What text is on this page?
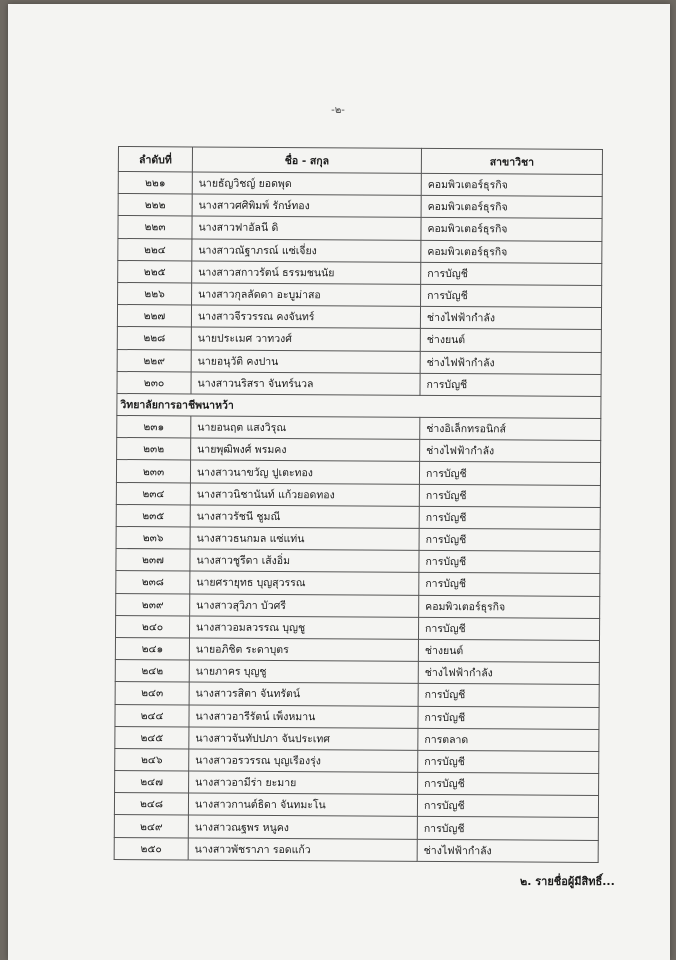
-๒-
ลำดับที่	ชื่อ - สกุล	สาขาวิชา
๒๒๑	นายธัญวิชญ์ ยอดพุด	คอมพิวเตอร์ธุรกิจ
๒๒๒	นางสาวศศิพิมพ์ รักษ์ทอง	คอมพิวเตอร์ธุรกิจ
๒๒๓	นางสาวฟาอัลนี ดิ	คอมพิวเตอร์ธุรกิจ
๒๒๔	นางสาวณัฐาภรณ์ แซ่เจี่ยง	คอมพิวเตอร์ธุรกิจ
๒๒๕	นางสาวสกาวรัตน์ ธรรมชนนัย	การบัญชี
๒๒๖	นางสาวกุลลัดดา อะบูม่าสอ	การบัญชี
๒๒๗	นางสาวจีรวรรณ คงจันทร์	ช่างไฟฟ้ากำลัง
๒๒๘	นายประเมศ วาทวงศ์	ช่างยนต์
๒๒๙	นายอนุวัติ คงปาน	ช่างไฟฟ้ากำลัง
๒๓๐	นางสาวนริสรา จันทร์นวล	การบัญชี
วิทยาลัยการอาชีพนาหว้า		
๒๓๑	นายอนฤต แสงวิรุณ	ช่างอิเล็กทรอนิกส์
๒๓๒	นายพุฒิพงศ์ พรมคง	ช่างไฟฟ้ากำลัง
๒๓๓	นางสาวนาขวัญ ปูเตะทอง	การบัญชี
๒๓๔	นางสาวนิชานันท์ แก้วยอดทอง	การบัญชี
๒๓๕	นางสาวรัชนี ชูมณี	การบัญชี
๒๓๖	นางสาวธนกมล แซ่แท่น	การบัญชี
๒๓๗	นางสาวชูรีดา เส้งอิ่ม	การบัญชี
๒๓๘	นายศรายุทธ บุญสุวรรณ	การบัญชี
๒๓๙	นางสาวสุวิภา บัวศรี	คอมพิวเตอร์ธุรกิจ
๒๔๐	นางสาวอมลวรรณ บุญชู	การบัญชี
๒๔๑	นายอภิชิต ระดาบุตร	ช่างยนต์
๒๔๒	นายภาคร บุญชู	ช่างไฟฟ้ากำลัง
๒๔๓	นางสาวรสิตา จันทรัตน์	การบัญชี
๒๔๔	นางสาวอารีรัตน์ เพ็งหมาน	การบัญชี
๒๔๕	นางสาวจันทัปปภา จันประเทศ	การตลาด
๒๔๖	นางสาวอรวรรณ บุญเรืองรุ่ง	การบัญชี
๒๔๗	นางสาวอามีร่า ยะมาย	การบัญชี
๒๔๘	นางสาวกานต์ธิดา จันทมะโน	การบัญชี
๒๔๙	นางสาวณฐพร หนูคง	การบัญชี
๒๕๐	นางสาวพัชราภา รอดแก้ว	ช่างไฟฟ้ากำลัง
๒. รายชื่อผู้มีสิทธิ์...
